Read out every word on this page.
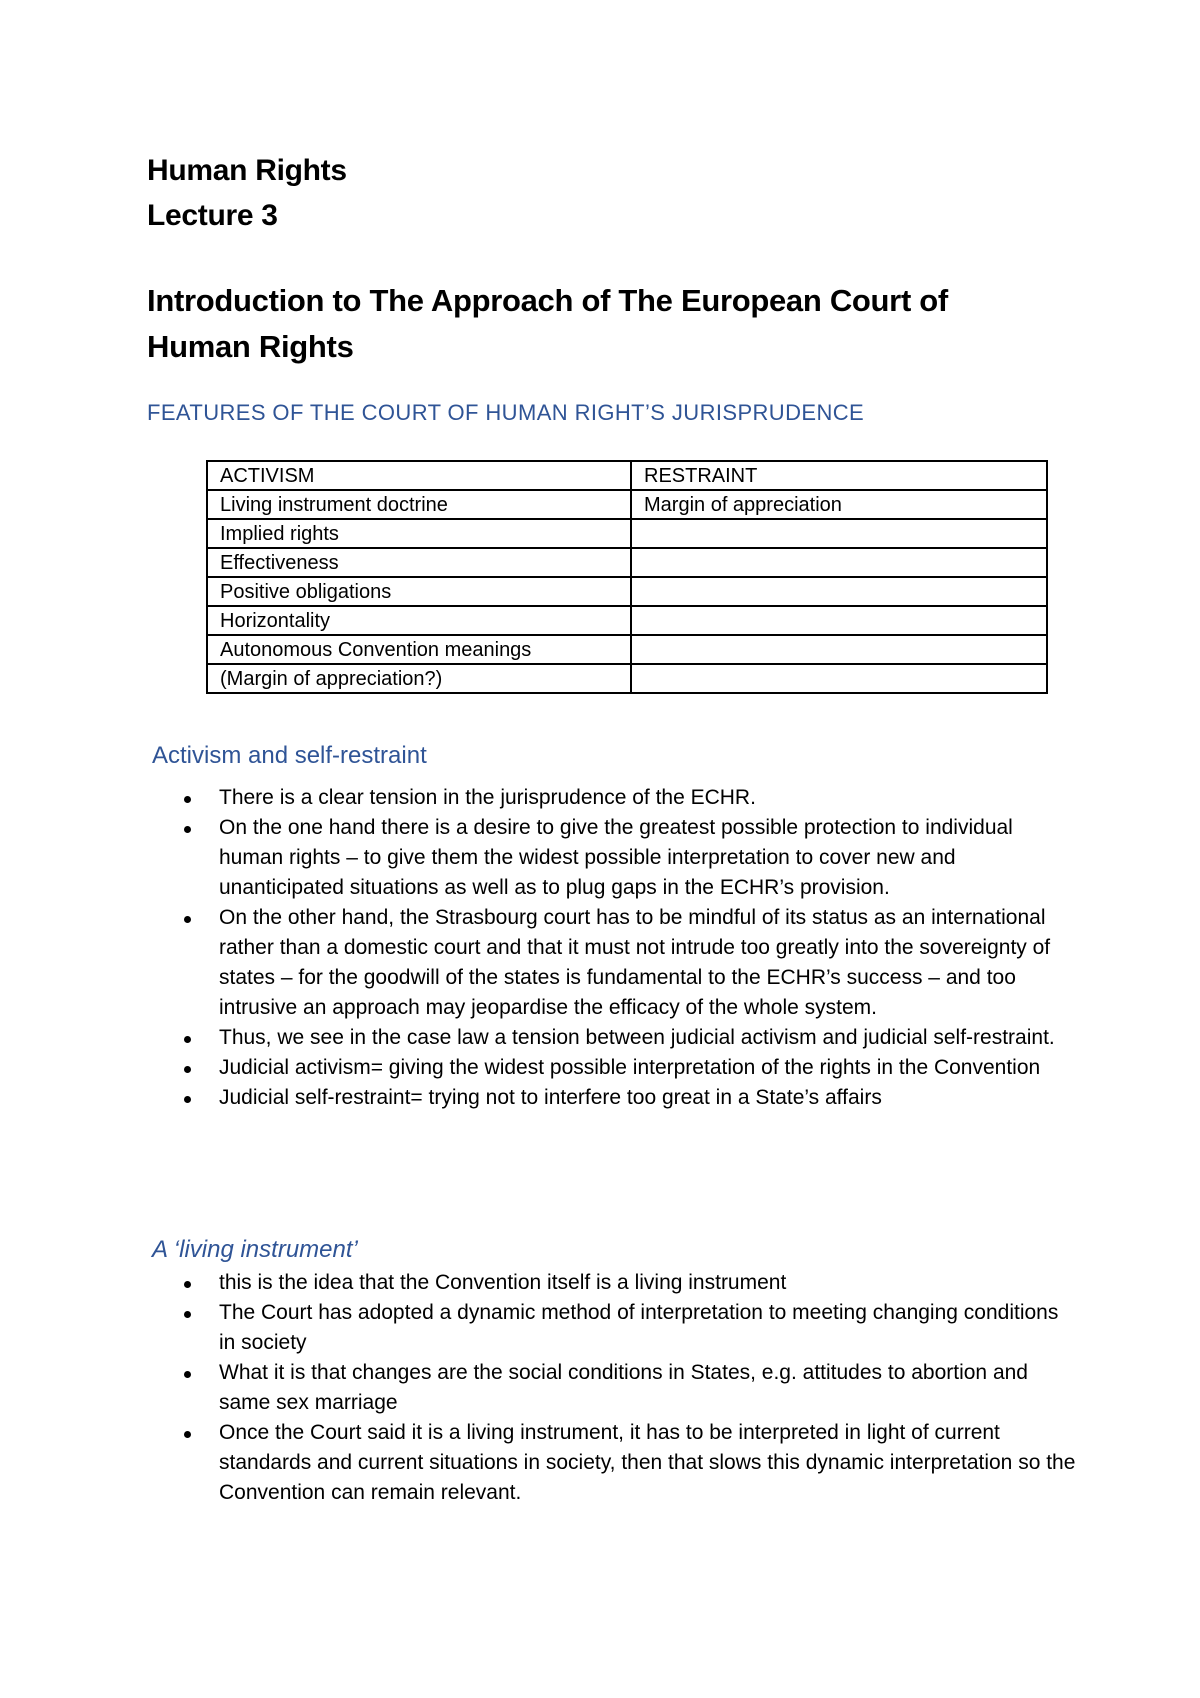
Human Rights
Lecture 3
Introduction to The Approach of The European Court of Human Rights
FEATURES OF THE COURT OF HUMAN RIGHT’S JURISPRUDENCE
ACTIVISM	RESTRAINT
Living instrument doctrine	Margin of appreciation
Implied rights	
Effectiveness	
Positive obligations	
Horizontality	
Autonomous Convention meanings	
(Margin of appreciation?)	
Activism and self-restraint
There is a clear tension in the jurisprudence of the ECHR.
On the one hand there is a desire to give the greatest possible protection to individual human rights – to give them the widest possible interpretation to cover new and unanticipated situations as well as to plug gaps in the ECHR’s provision.
On the other hand, the Strasbourg court has to be mindful of its status as an international rather than a domestic court and that it must not intrude too greatly into the sovereignty of states – for the goodwill of the states is fundamental to the ECHR’s success – and too intrusive an approach may jeopardise the efficacy of the whole system.
Thus, we see in the case law a tension between judicial activism and judicial self-restraint.
Judicial activism= giving the widest possible interpretation of the rights in the Convention
Judicial self-restraint= trying not to interfere too great in a State’s affairs
A ‘living instrument’
this is the idea that the Convention itself is a living instrument
The Court has adopted a dynamic method of interpretation to meeting changing conditions in society
What it is that changes are the social conditions in States, e.g. attitudes to abortion and same sex marriage
Once the Court said it is a living instrument, it has to be interpreted in light of current standards and current situations in society, then that slows this dynamic interpretation so the Convention can remain relevant.
